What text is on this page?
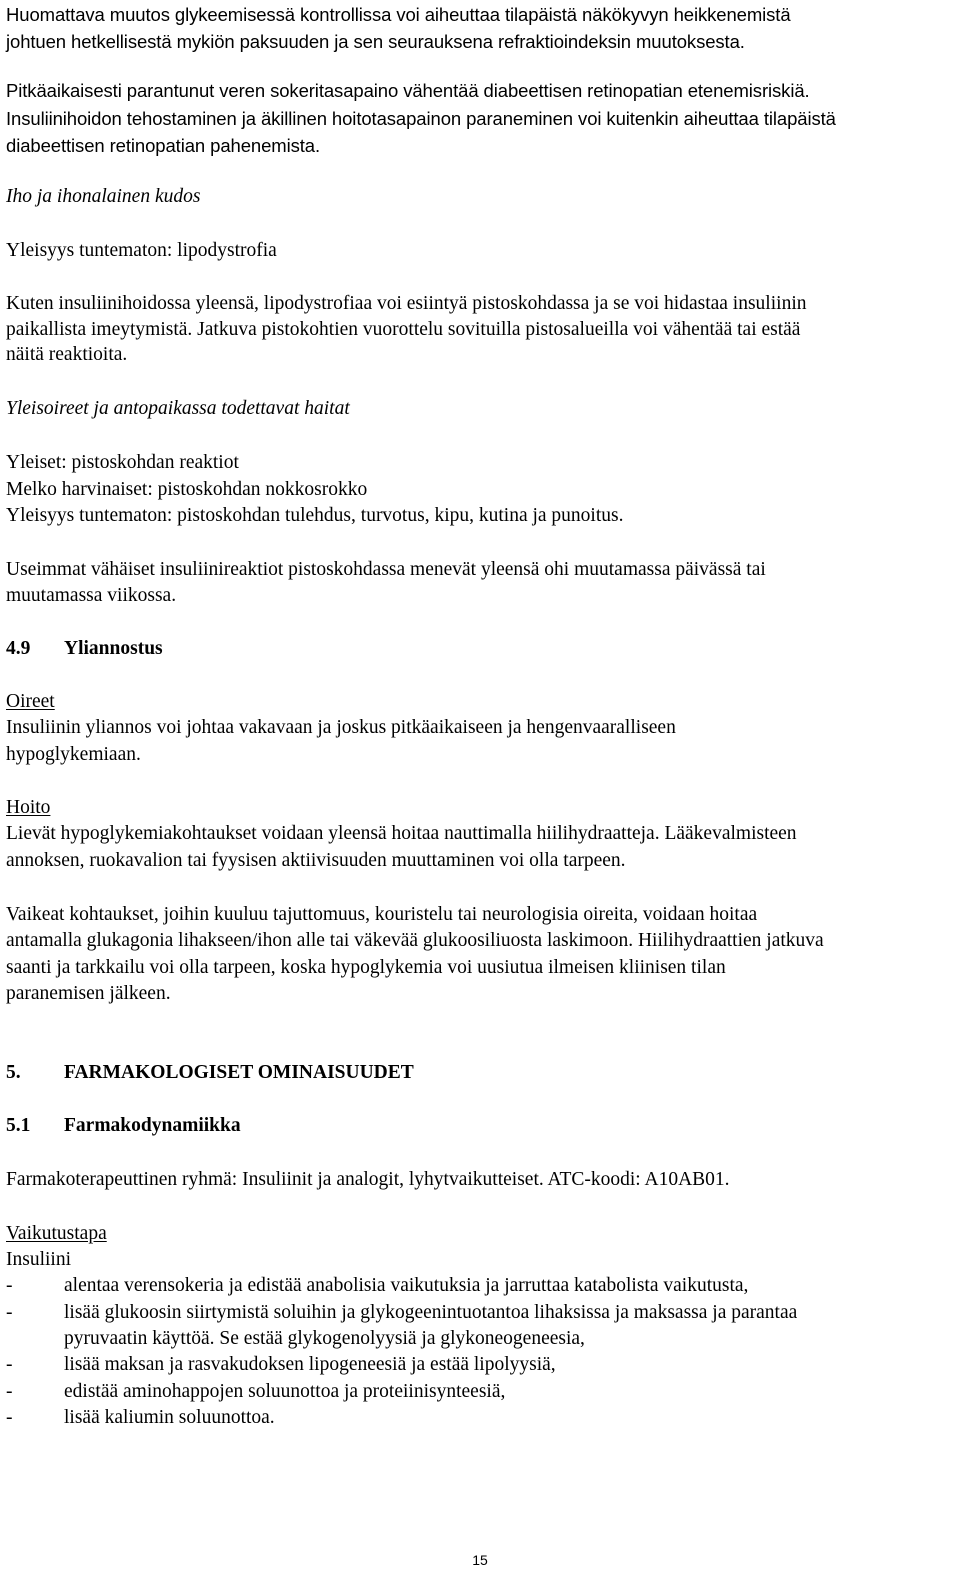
Huomattava muutos glykeemisessä kontrollissa voi aiheuttaa tilapäistä näkökyvyn heikkenemistä

johtuen hetkellisestä mykiön paksuuden ja sen seurauksena refraktioindeksin muutoksesta.

Pitkäaikaisesti parantunut veren sokeritasapaino vähentää diabeettisen retinopatian etenemisriskiä.

Insuliinihoidon tehostaminen ja äkillinen hoitotasapainon paraneminen voi kuitenkin aiheuttaa tilapäistä

diabeettisen retinopatian pahenemista.

Iho ja ihonalainen kudos

Yleisyys tuntematon: lipodystrofia

Kuten insuliinihoidossa yleensä, lipodystrofiaa voi esiintyä pistoskohdassa ja se voi hidastaa insuliinin

paikallista imeytymistä. Jatkuva pistokohtien vuorottelu sovituilla pistosalueilla voi vähentää tai estää

näitä reaktioita.

Yleisoireet ja antopaikassa todettavat haitat

Yleiset: pistoskohdan reaktiot

Melko harvinaiset: pistoskohdan nokkosrokko

Yleisyys tuntematon: pistoskohdan tulehdus, turvotus, kipu, kutina ja punoitus.

Useimmat vähäiset insuliinireaktiot pistoskohdassa menevät yleensä ohi muutamassa päivässä tai

muutamassa viikossa.

4.9 Yliannostus

Oireet

Insuliinin yliannos voi johtaa vakavaan ja joskus pitkäaikaiseen ja hengenvaaralliseen

hypoglykemiaan.

Hoito

Lievät hypoglykemiakohtaukset voidaan yleensä hoitaa nauttimalla hiilihydraatteja. Lääkevalmisteen

annoksen, ruokavalion tai fyysisen aktiivisuuden muuttaminen voi olla tarpeen.

Vaikeat kohtaukset, joihin kuuluu tajuttomuus, kouristelu tai neurologisia oireita, voidaan hoitaa

antamalla glukagonia lihakseen/ihon alle tai väkevää glukoosiliuosta laskimoon. Hiilihydraattien jatkuva

saanti ja tarkkailu voi olla tarpeen, koska hypoglykemia voi uusiutua ilmeisen kliinisen tilan

paranemisen jälkeen.

5. FARMAKOLOGISET OMINAISUUDET

5.1 Farmakodynamiikka

Farmakoterapeuttinen ryhmä: Insuliinit ja analogit, lyhytvaikutteiset. ATC-koodi: A10AB01.

Vaikutustapa

Insuliini

-	alentaa verensokeria ja edistää anabolisia vaikutuksia ja jarruttaa katabolista vaikutusta,

-	lisää glukoosin siirtymistä soluihin ja glykogeenintuotantoa lihaksissa ja maksassa ja parantaa

pyruvaatin käyttöä. Se estää glykogenolyysiä ja glykoneogeneesia,

-	lisää maksan ja rasvakudoksen lipogeneesiä ja estää lipolyysiä,

-	edistää aminohappojen soluunottoa ja proteiinisynteesiä,

-	lisää kaliumin soluunottoa.

15
